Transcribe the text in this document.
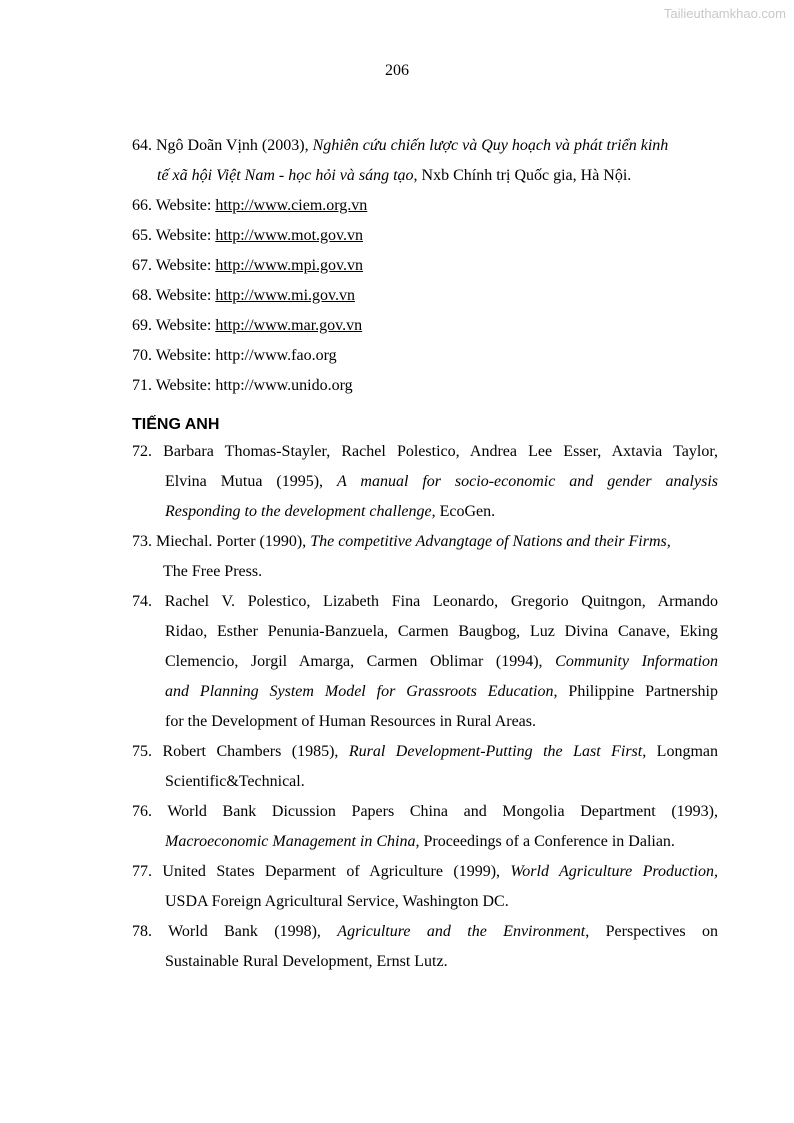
Tailieuthamkhao.com
206
64. Ngô Doãn Vịnh (2003), Nghiên cứu chiến lược và Quy hoạch và phát triển kinh
tế xã hội Việt Nam - học hỏi và sáng tạo, Nxb Chính trị Quốc gia, Hà Nội.
66. Website: http://www.ciem.org.vn
65. Website: http://www.mot.gov.vn
67. Website: http://www.mpi.gov.vn
68. Website: http://www.mi.gov.vn
69. Website: http://www.mar.gov.vn
70. Website: http://www.fao.org
71. Website: http://www.unido.org
TIẾNG ANH
72. Barbara Thomas-Stayler, Rachel Polestico, Andrea Lee Esser, Axtavia Taylor,
Elvina Mutua (1995), A manual for socio-economic and gender analysis
Responding to the development challenge, EcoGen.
73. Miechal. Porter (1990), The competitive Advangtage of Nations and their Firms,
The Free Press.
74. Rachel V. Polestico, Lizabeth Fina Leonardo, Gregorio Quitngon, Armando
Ridao, Esther Penunia-Banzuela, Carmen Baugbog, Luz Divina Canave, Eking
Clemencio, Jorgil Amarga, Carmen Oblimar (1994), Community Information
and Planning System Model for Grassroots Education, Philippine Partnership
for the Development of Human Resources in Rural Areas.
75. Robert Chambers (1985), Rural Development-Putting the Last First, Longman
Scientific&Technical.
76. World Bank Dicussion Papers China and Mongolia Department (1993),
Macroeconomic Management in China, Proceedings of a Conference in Dalian.
77. United States Deparment of Agriculture (1999), World Agriculture Production,
USDA Foreign Agricultural Service, Washington DC.
78. World Bank (1998), Agriculture and the Environment, Perspectives on
Sustainable Rural Development, Ernst Lutz.
